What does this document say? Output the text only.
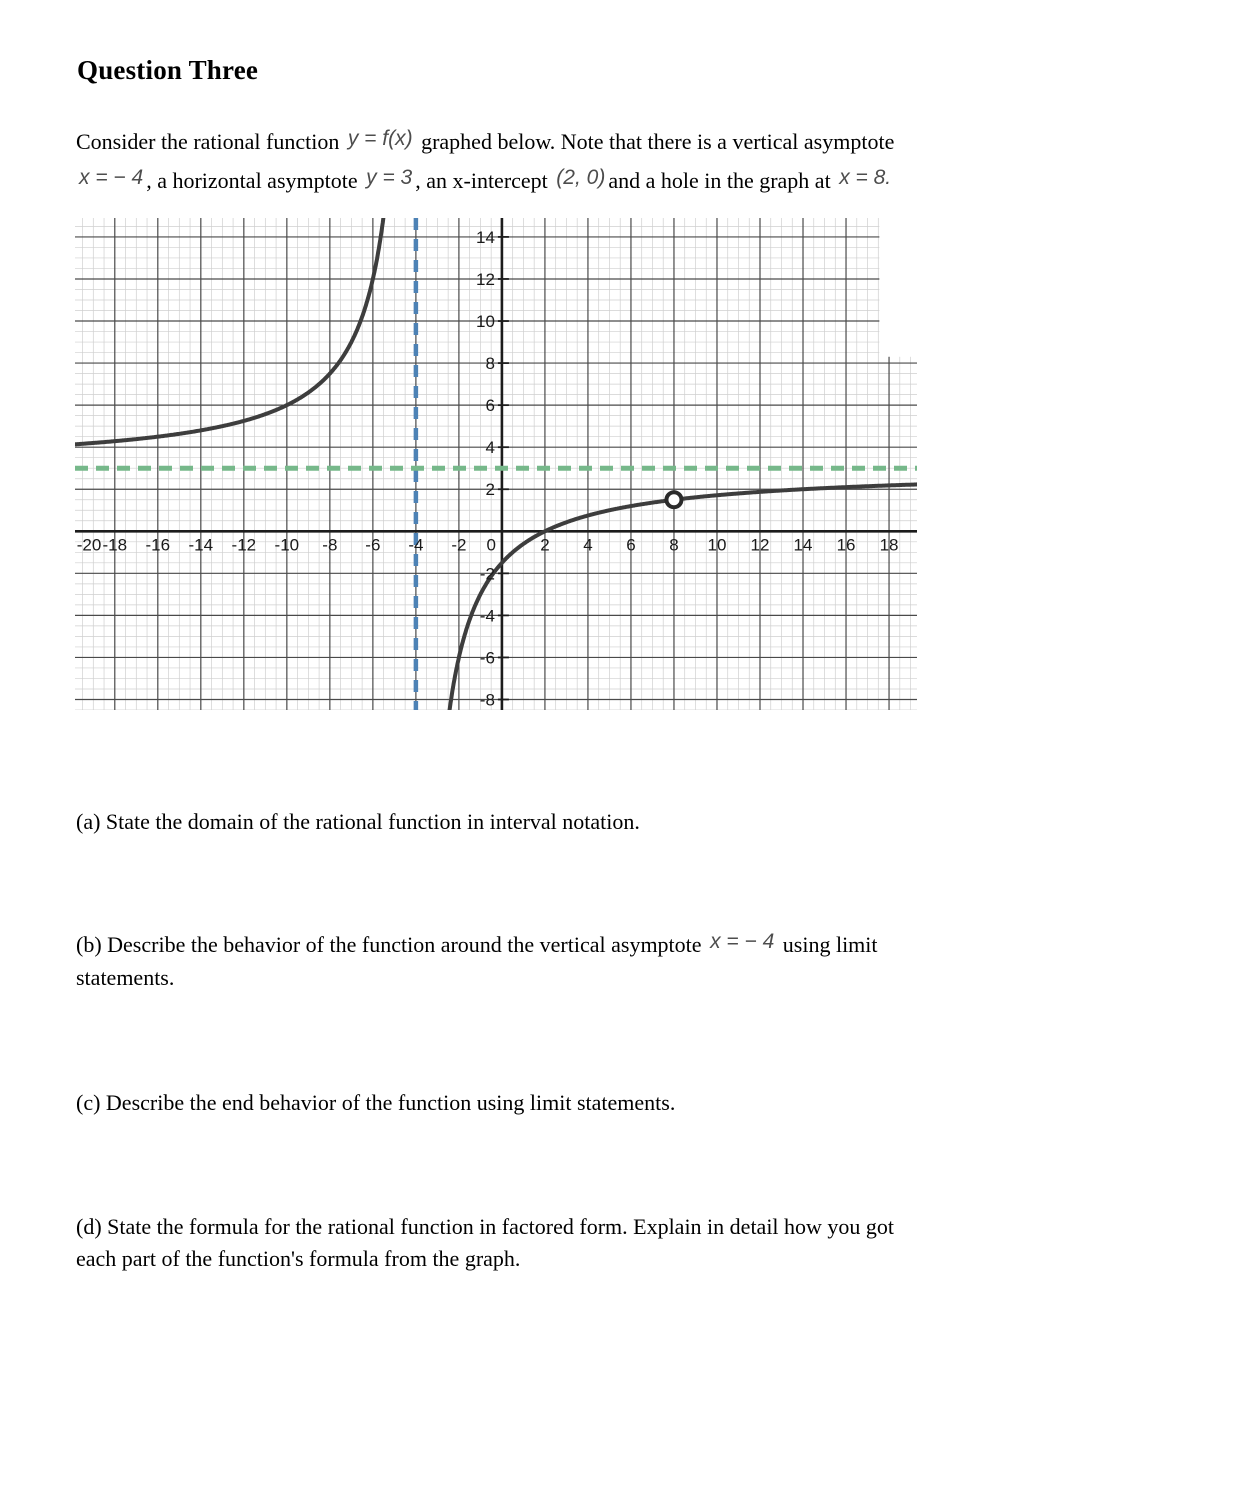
Question Three

Consider the rational function y = f(x) graphed below. Note that there is a vertical asymptote
x = − 4 , a horizontal asymptote y = 3 , an x-intercept (2, 0) and a hole in the graph at x = 8.

-20 -18 -16 -14 -12 -10 -8 -6 -4 -2 0	2 4 6 8 10 12 14 16 18
-8
-6
-4
-2
2
4
6
8
10
12
14
(a) State the domain of the rational function in interval notation.
(b) Describe the behavior of the function around the vertical asymptote x = − 4 using limit
statements.
(c) Describe the end behavior of the function using limit statements.
(d) State the formula for the rational function in factored form. Explain in detail how you got
each part of the function's formula from the graph.
